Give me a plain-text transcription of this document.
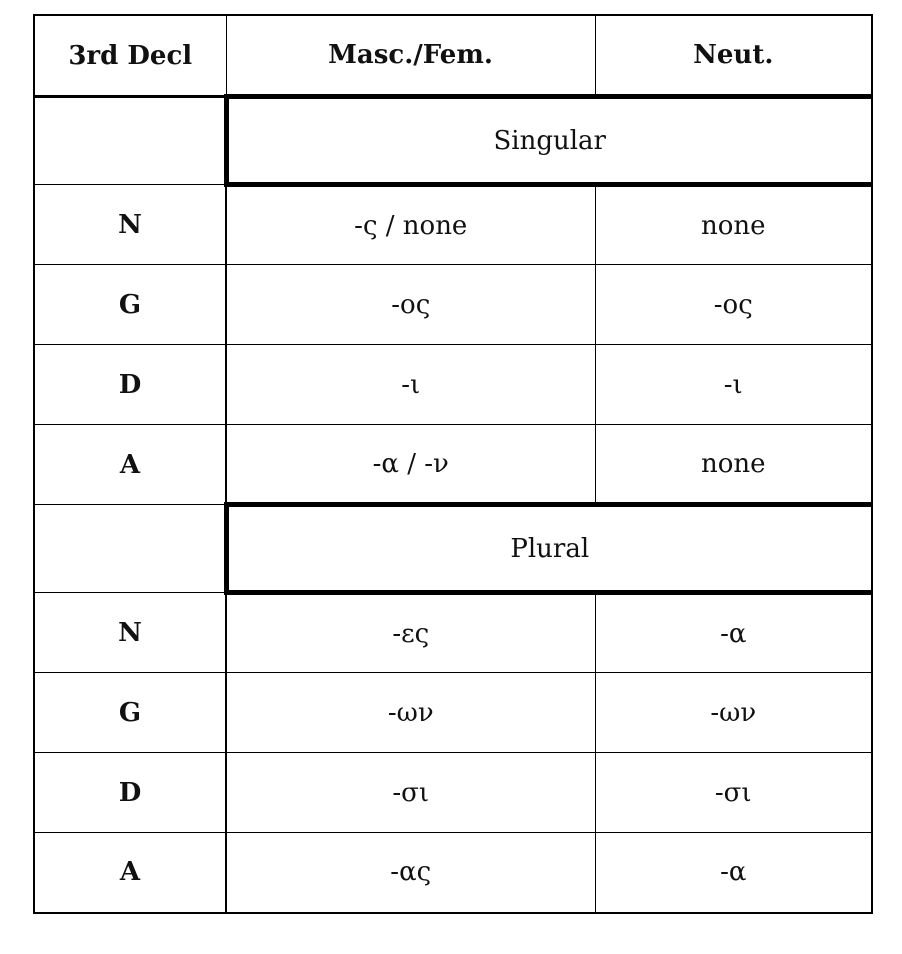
3rd Decl	Masc./Fem.	Neut.
	Singular	
N	-ς / none	none
G	-ος	-ος
D	-ι	-ι
A	-α / -ν	none
	Plural	
N	-ες	-α
G	-ων	-ων
D	-σι	-σι
A	-ας	-α
